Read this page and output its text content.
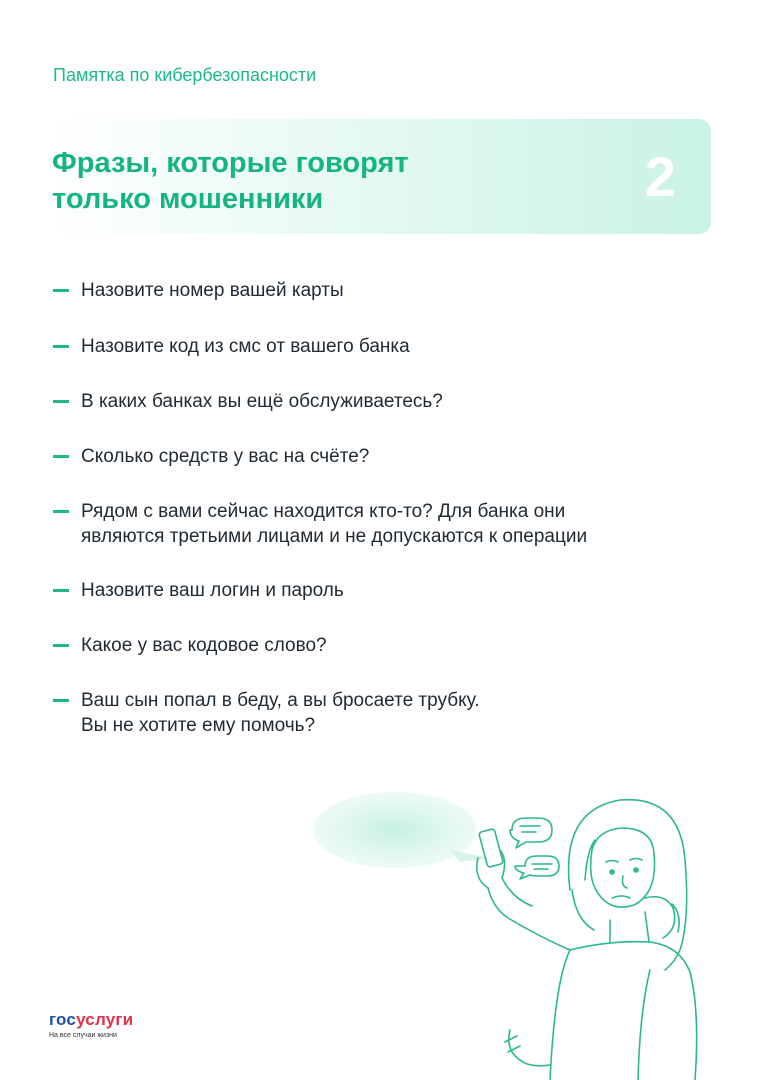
Памятка по кибербезопасности
Фразы, которые говорят
только мошенники	2
Назовите номер вашей карты
Назовите код из смс от вашего банка
В каких банках вы ещё обслуживаетесь?
Сколько средств у вас на счёте?
Рядом с вами сейчас находится кто-то? Для банка они
являются третьими лицами и не допускаются к операции
Назовите ваш логин и пароль
Какое у вас кодовое слово?
Ваш сын попал в беду, а вы бросаете трубку.
Вы не хотите ему помочь?
госуслуги
На все случаи жизни
